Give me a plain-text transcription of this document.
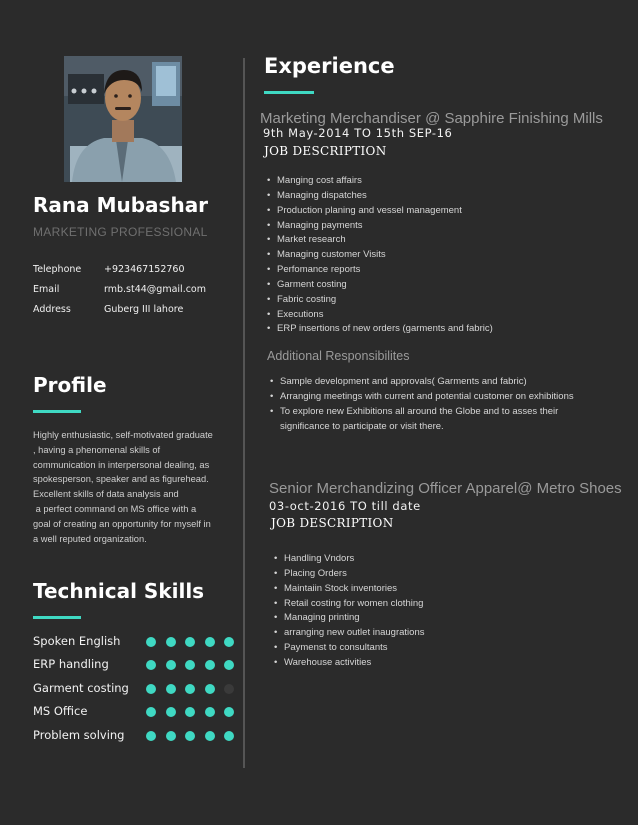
Rana Mubashar
MARKETING PROFESSIONAL
Telephone	+923467152760
Email	rmb.st44@gmail.com
Address	Guberg III lahore
Profile
Highly enthusiastic, self-motivated graduate
, having a phenomenal skills of
communication in interpersonal dealing, as
spokesperson, speaker and as figurehead.
Excellent skills of data analysis and
a perfect command on MS office with a
goal of creating an opportunity for myself in
a well reputed organization.
Technical Skills
Spoken English
ERP handling
Garment costing
MS Office
Problem solving
Experience
Marketing Merchandiser @ Sapphire Finishing Mills
9th May-2014 TO 15th SEP-16
JOB DESCRIPTION
• Manging cost affairs
• Managing dispatches
• Production planing and vessel management
• Managing payments
• Market research
• Managing customer Visits
• Perfomance reports
• Garment costing
• Fabric costing
• Executions
• ERP insertions of new orders (garments and fabric)
Additional Responsibilites
• Sample development and approvals( Garments and fabric)
• Arranging meetings with current and potential customer on exhibitions
• To explore new Exhibitions all around the Globe and to asses their
significance to participate or visit there.
Senior Merchandizing Officer Apparel@ Metro Shoes
03-oct-2016 TO till date
JOB DESCRIPTION
• Handling Vndors
• Placing Orders
• Maintaiin Stock inventories
• Retail costing for women clothing
• Managing printing
• arranging new outlet inaugrations
• Paymenst to consultants
• Warehouse activities
